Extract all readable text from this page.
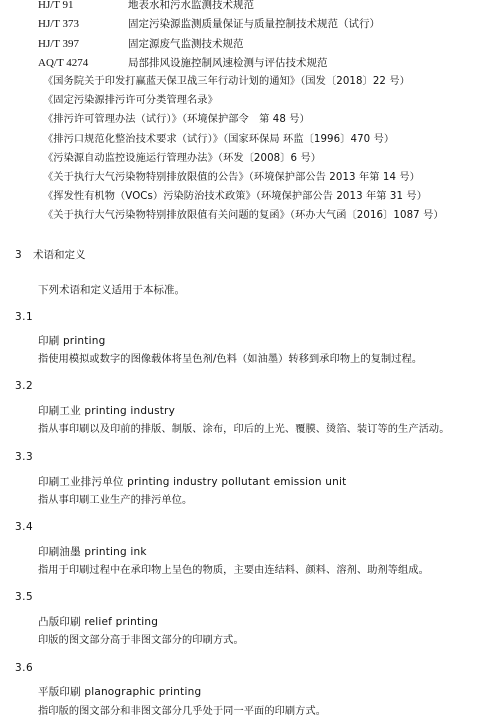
HJ/T 91	地表水和污水监测技术规范
HJ/T 373	固定污染源监测质量保证与质量控制技术规范（试行）
HJ/T 397	固定源废气监测技术规范
AQ/T 4274	局部排风设施控制风速检测与评估技术规范
《国务院关于印发打赢蓝天保卫战三年行动计划的通知》（国发〔2018〕22 号）
《固定污染源排污许可分类管理名录》
《排污许可管理办法（试行）》（环境保护部令　第 48 号）
《排污口规范化整治技术要求（试行）》（国家环保局 环监〔1996〕470 号）
《污染源自动监控设施运行管理办法》（环发〔2008〕6 号）
《关于执行大气污染物特别排放限值的公告》（环境保护部公告 2013 年第 14 号）
《挥发性有机物（VOCs）污染防治技术政策》（环境保护部公告 2013 年第 31 号）
《关于执行大气污染物特别排放限值有关问题的复函》（环办大气函〔2016〕1087 号）
3 术语和定义
下列术语和定义适用于本标准。
3.1
印刷 printing
指使用模拟或数字的图像载体将呈色剂/色料（如油墨）转移到承印物上的复制过程。
3.2
印刷工业 printing industry
指从事印刷以及印前的排版、制版、涂布，印后的上光、覆膜、烫箔、装订等的生产活动。
3.3
印刷工业排污单位 printing industry pollutant emission unit
指从事印刷工业生产的排污单位。
3.4
印刷油墨 printing ink
指用于印刷过程中在承印物上呈色的物质，主要由连结料、颜料、溶剂、助剂等组成。
3.5
凸版印刷 relief printing
印版的图文部分高于非图文部分的印刷方式。
3.6
平版印刷 planographic printing
指印版的图文部分和非图文部分几乎处于同一平面的印刷方式。
